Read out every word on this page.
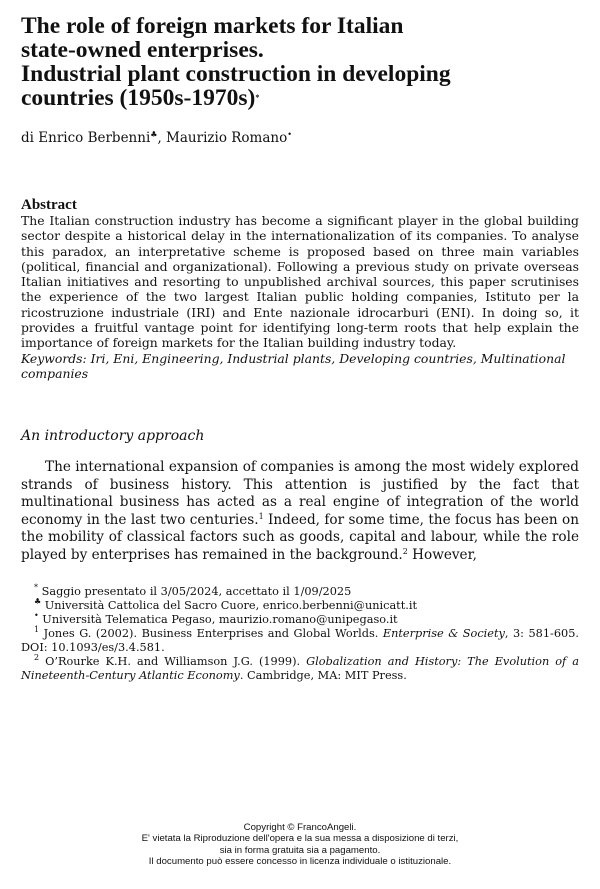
The role of foreign markets for Italian
state-owned enterprises.
Industrial plant construction in developing
countries (1950s-1970s)*
di Enrico Berbenni♣, Maurizio Romano•
Abstract

The Italian construction industry has become a significant player in the global building sector despite a historical delay in the internationalization of its companies. To analyse this paradox, an interpretative scheme is proposed based on three main variables (political, financial and organizational). Following a previous study on private overseas Italian initiatives and resorting to unpublished archival sources, this paper scrutinises the experience of the two largest Italian public holding companies, Istituto per la ricostruzione industriale (IRI) and Ente nazionale idrocarburi (ENI). In doing so, it provides a fruitful vantage point for identifying long-term roots that help explain the importance of foreign markets for the Italian building industry today.

Keywords: Iri, Eni, Engineering, Industrial plants, Developing countries, Multinational companies
An introductory approach

The international expansion of companies is among the most widely explored strands of business history. This attention is justified by the fact that multinational business has acted as a real engine of integration of the world economy in the last two centuries.$^1$ Indeed, for some time, the focus has been on the mobility of classical factors such as goods, capital and labour, while the role played by enterprises has remained in the background.$^2$ However,

* Saggio presentato il 3/05/2024, accettato il 1/09/2025
♣ Università Cattolica del Sacro Cuore, enrico.berbenni@unicatt.it
• Università Telematica Pegaso, maurizio.romano@unipegaso.it
$^1$ Jones G. (2002). Business Enterprises and Global Worlds. Enterprise & Society, 3: 581-605. DOI: 10.1093/es/3.4.581.
$^2$ O’Rourke K.H. and Williamson J.G. (1999). Globalization and History: The Evolution of a Nineteenth-Century Atlantic Economy. Cambridge, MA: MIT Press.
Copyright © FrancoAngeli.
E' vietata la Riproduzione dell'opera e la sua messa a disposizione di terzi,
sia in forma gratuita sia a pagamento.
Il documento può essere concesso in licenza individuale o istituzionale.
